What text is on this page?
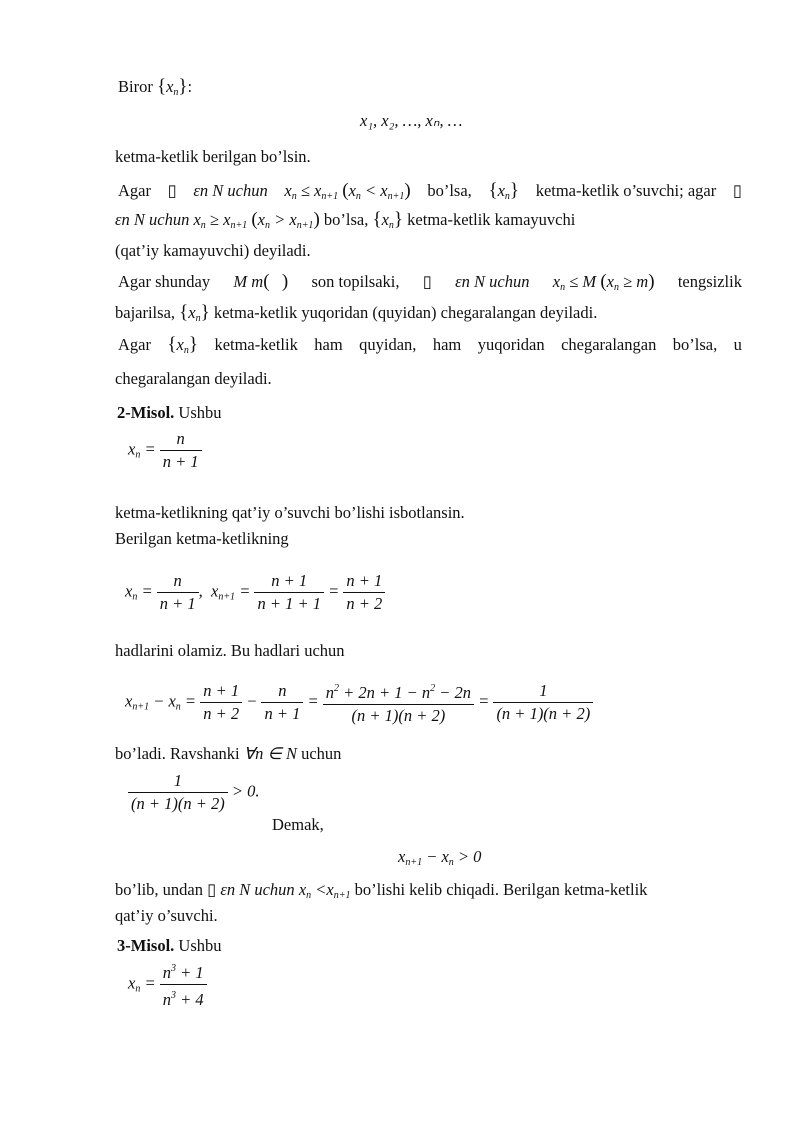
Biror $\{x_n\}$:
x₁, x₂, …, xₙ, …
ketma-ketlik berilgan bo’lsin.
Agar ▯ εn N uchun $x_n \le x_{n+1}$ $(x_n < x_{n+1})$ bo’lsa, $\{x_n\}$ ketma-ketlik o’suvchi; agar ▯
εn N uchun $x_n \ge x_{n+1}$ $(x_n > x_{n+1})$ bo’lsa, $\{x_n\}$ ketma-ketlik kamayuvchi
(qat’iy kamayuvchi) deyiladi.
Agar shunday M m( ) son topilsaki, ▯ εn N uchun $x_n \le M$ $(x_n \ge m)$ tengsizlik
bajarilsa, $\{x_n\}$ ketma-ketlik yuqoridan (quyidan) chegaralangan deyiladi.
Agar $\{x_n\}$ ketma-ketlik ham quyidan, ham yuqoridan chegaralangan bo’lsa, u
chegaralangan deyiladi.
2-Misol. Ushbu
$x_n = \frac{n}{n + 1}$
ketma-ketlikning qat’iy o’suvchi bo’lishi isbotlansin.
Berilgan ketma-ketlikning
$x_n = \frac{n}{n + 1}$ ,  $x_{n+1} = \frac{n + 1}{n + 1 + 1} = \frac{n + 1}{n + 2}$
hadlarini olamiz. Bu hadlari uchun
$x_{n+1} - x_n = \frac{n + 1}{n + 2} - \frac{n}{n + 1} = \frac{n^2 + 2n + 1 - n^2 - 2n}{(n + 1)(n + 2)} = \frac{1}{(n + 1)(n + 2)}$
bo’ladi. Ravshanki ∀n ∈ N uchun
$\frac{1}{(n + 1)(n + 2)} > 0$.
Demak,
$x_{n+1} - x_n > 0$
bo’lib, undan ▯ εn N uchun $x_n <x_{n+1}$ bo’lishi kelib chiqadi. Berilgan ketma-ketlik
qat’iy o’suvchi.
3-Misol. Ushbu
$x_n = \frac{n^3 + 1}{n^3 + 4}$
